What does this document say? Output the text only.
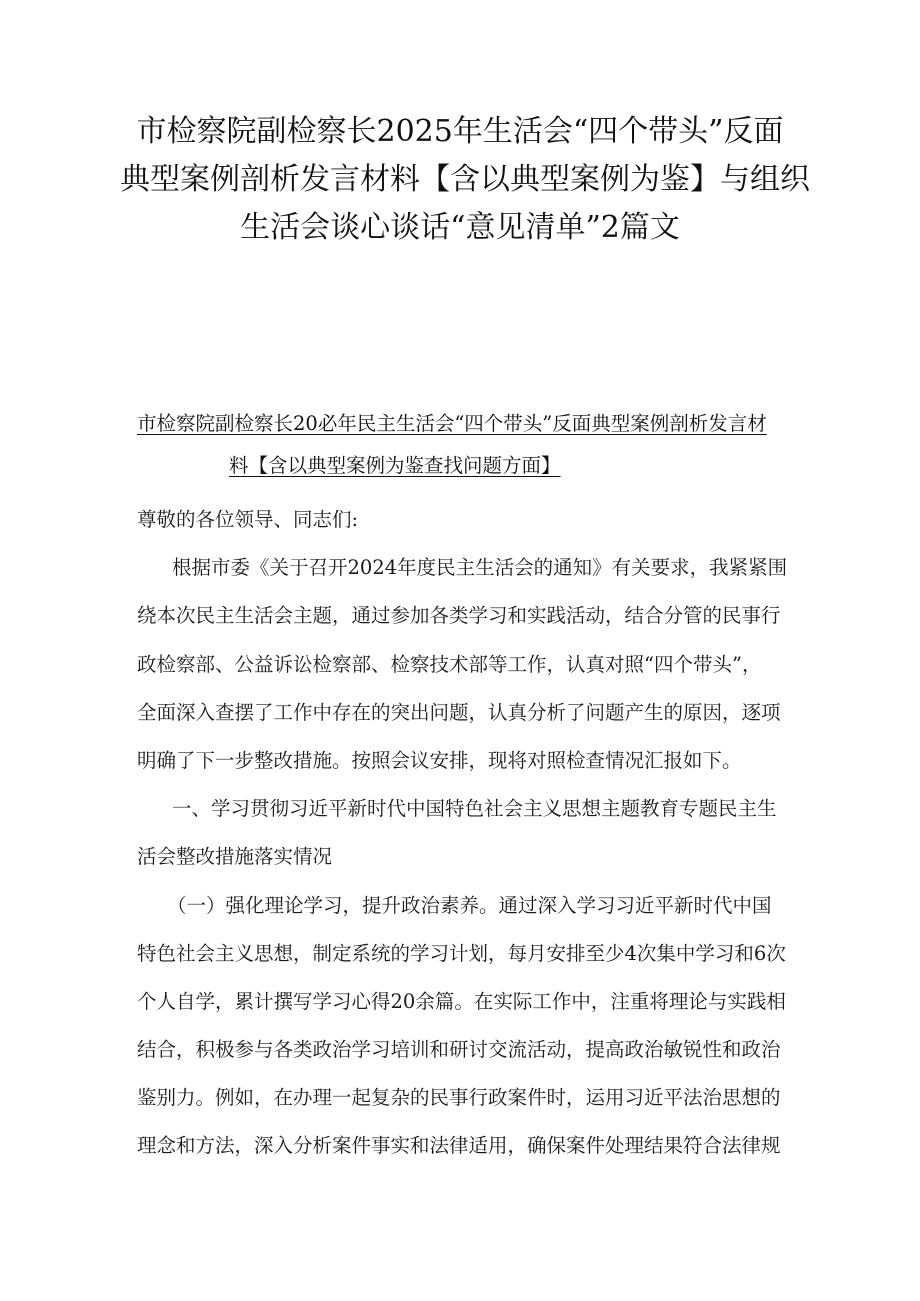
市检察院副检察长2025年生活会“四个带头”反面
典型案例剖析发言材料【含以典型案例为鉴】与组织
生活会谈心谈话“意见清单”2篇文
市检察院副检察长20必年民主生活会“四个带头”反面典型案例剖析发言材
料【含以典型案例为鉴查找问题方面】
尊敬的各位领导、同志们:
根据市委《关于召开2024年度民主生活会的通知》有关要求，我紧紧围
绕本次民主生活会主题，通过参加各类学习和实践活动，结合分管的民事行
政检察部、公益诉讼检察部、检察技术部等工作，认真对照“四个带头”，
全面深入查摆了工作中存在的突出问题，认真分析了问题产生的原因，逐项
明确了下一步整改措施。按照会议安排，现将对照检查情况汇报如下。
一、学习贯彻习近平新时代中国特色社会主义思想主题教育专题民主生
活会整改措施落实情况
（一）强化理论学习，提升政治素养。通过深入学习习近平新时代中国
特色社会主义思想，制定系统的学习计划，每月安排至少4次集中学习和6次
个人自学，累计撰写学习心得20余篇。在实际工作中，注重将理论与实践相
结合，积极参与各类政治学习培训和研讨交流活动，提高政治敏锐性和政治
鉴别力。例如，在办理一起复杂的民事行政案件时，运用习近平法治思想的
理念和方法，深入分析案件事实和法律适用，确保案件处理结果符合法律规
